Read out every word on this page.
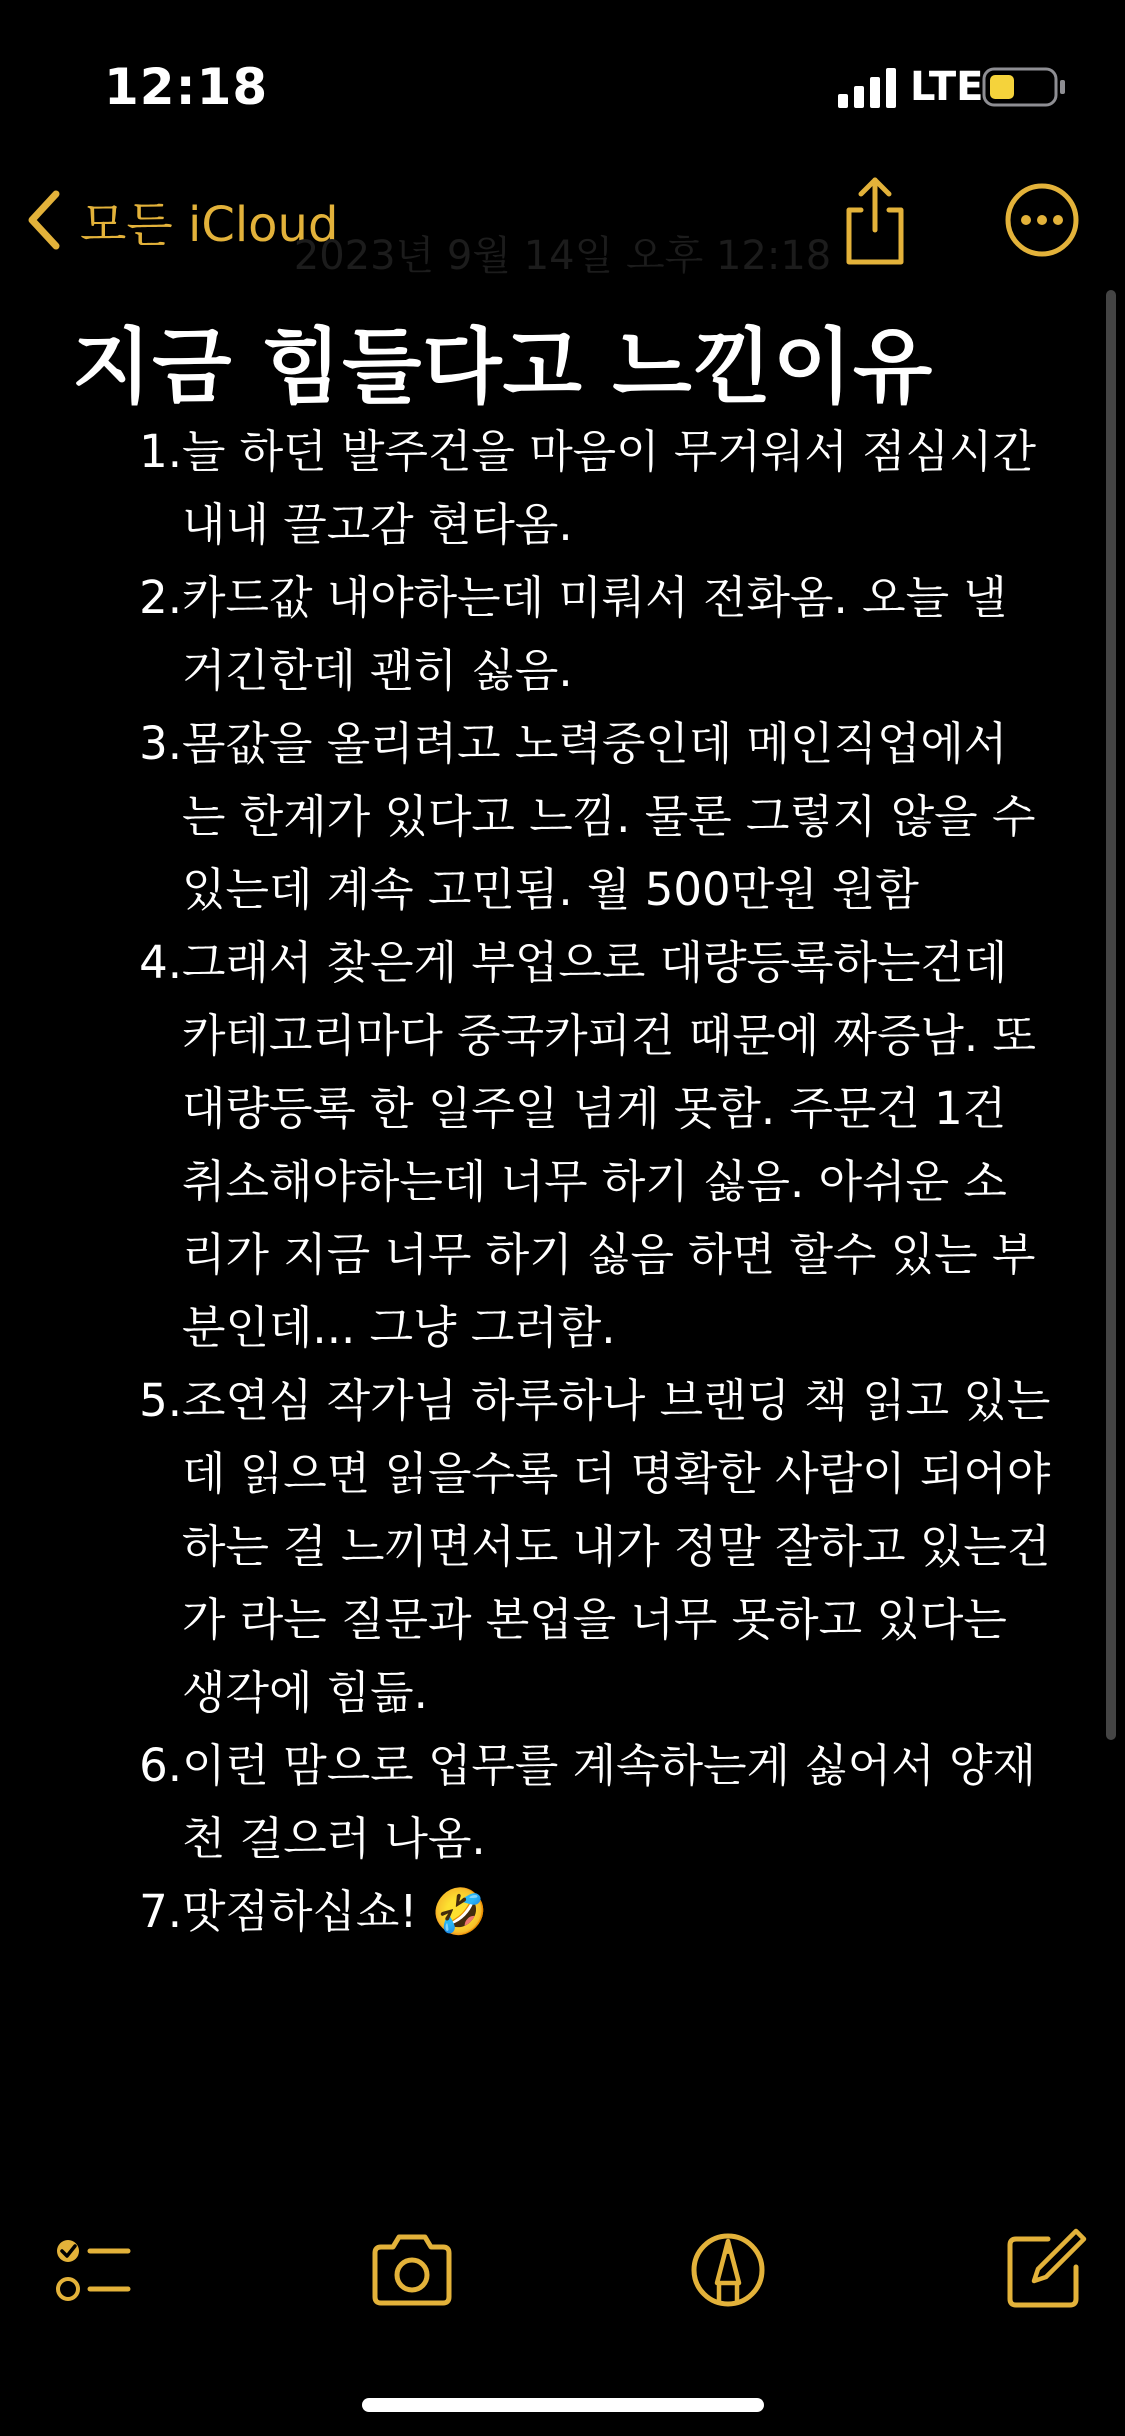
12:18	LTE
모든 iCloud
2023년 9월 14일 오후 12:18
지금 힘들다고 느낀이유
1. 늘 하던 발주건을 마음이 무거워서 점심시간
내내 끌고감 현타옴.
2. 카드값 내야하는데 미뤄서 전화옴. 오늘 낼
거긴한데 괜히 싫음.
3. 몸값을 올리려고 노력중인데 메인직업에서
는 한계가 있다고 느낌. 물론 그렇지 않을 수
있는데 계속 고민됨. 월 500만원 원함
4. 그래서 찾은게 부업으로 대량등록하는건데
카테고리마다 중국카피건 때문에 짜증남. 또
대량등록 한 일주일 넘게 못함. 주문건 1건
취소해야하는데 너무 하기 싫음. 아쉬운 소
리가 지금 너무 하기 싫음 하면 할수 있는 부
분인데... 그냥 그러함.
5. 조연심 작가님 하루하나 브랜딩 책 읽고 있는
데 읽으면 읽을수록 더 명확한 사람이 되어야
하는 걸 느끼면서도 내가 정말 잘하고 있는건
가 라는 질문과 본업을 너무 못하고 있다는
생각에 힘듦.
6. 이런 맘으로 업무를 계속하는게 싫어서 양재
천 걸으러 나옴.
7. 맛점하십쇼! 🤣
